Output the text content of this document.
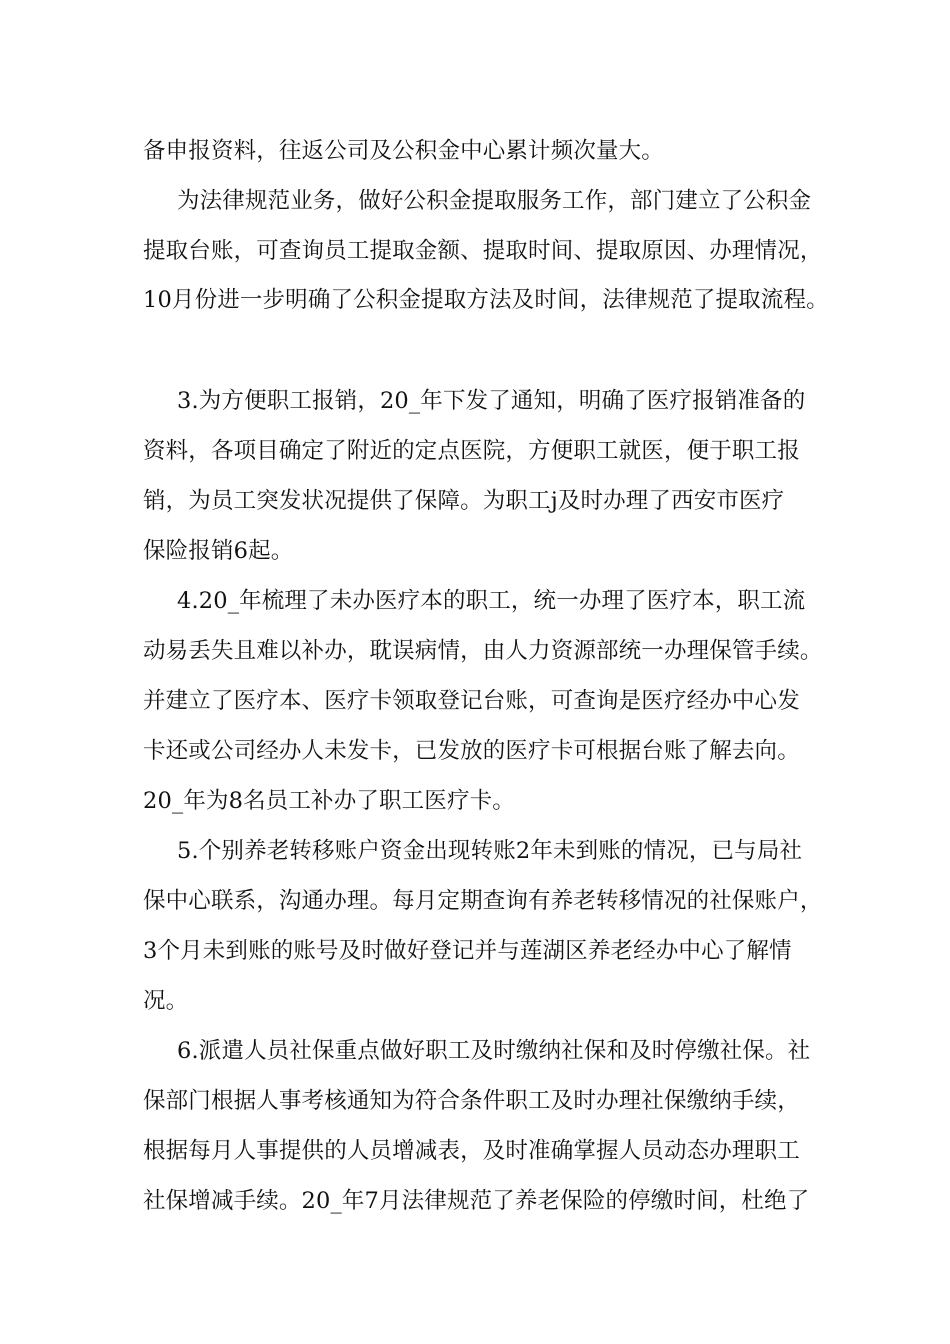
备申报资料，往返公司及公积金中心累计频次量大。

为法律规范业务，做好公积金提取服务工作，部门建立了公积金

提取台账，可查询员工提取金额、提取时间、提取原因、办理情况，

10月份进一步明确了公积金提取方法及时间，法律规范了提取流程。

3.为方便职工报销，20_年下发了通知，明确了医疗报销准备的

资料，各项目确定了附近的定点医院，方便职工就医，便于职工报

销，为员工突发状况提供了保障。为职工j及时办理了西安市医疗

保险报销6起。

4.20_年梳理了未办医疗本的职工，统一办理了医疗本，职工流

动易丢失且难以补办，耽误病情，由人力资源部统一办理保管手续。

并建立了医疗本、医疗卡领取登记台账，可查询是医疗经办中心发

卡还或公司经办人未发卡，已发放的医疗卡可根据台账了解去向。

20_年为8名员工补办了职工医疗卡。

5.个别养老转移账户资金出现转账2年未到账的情况，已与局社

保中心联系，沟通办理。每月定期查询有养老转移情况的社保账户，

3个月未到账的账号及时做好登记并与莲湖区养老经办中心了解情

况。

6.派遣人员社保重点做好职工及时缴纳社保和及时停缴社保。社

保部门根据人事考核通知为符合条件职工及时办理社保缴纳手续，

根据每月人事提供的人员增减表，及时准确掌握人员动态办理职工

社保增减手续。20_年7月法律规范了养老保险的停缴时间，杜绝了
